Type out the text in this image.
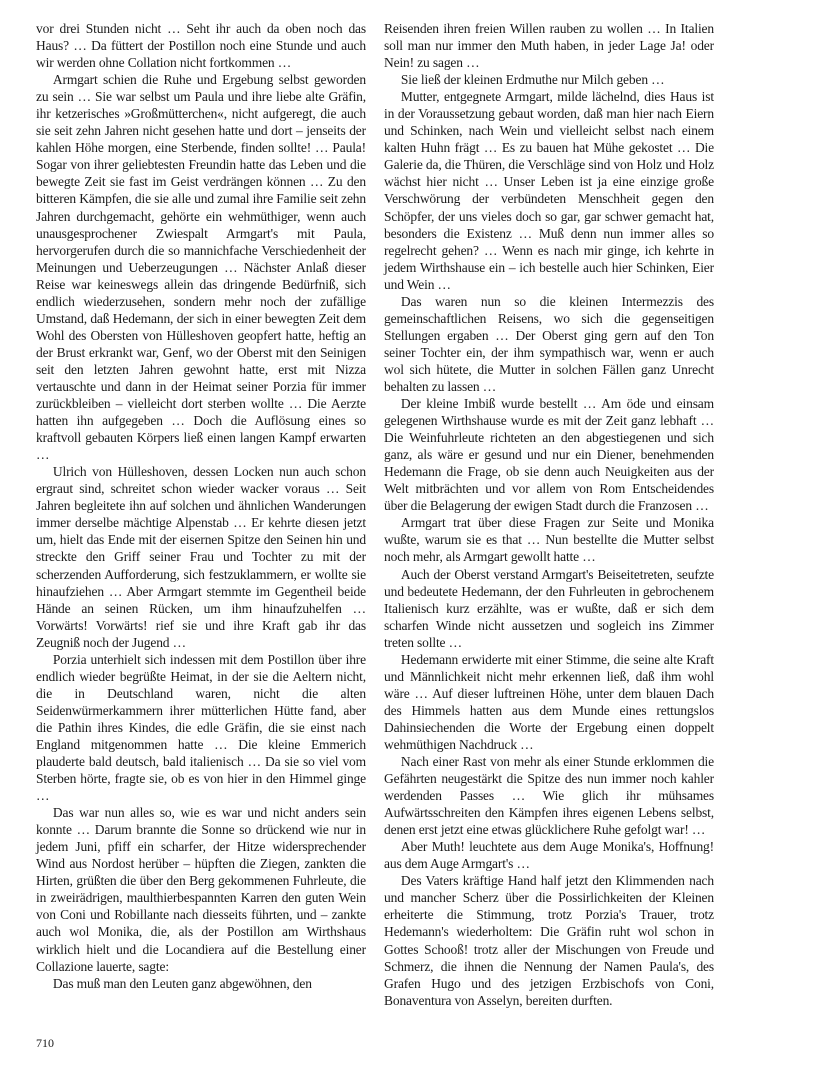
vor drei Stunden nicht … Seht ihr auch da oben noch das Haus? … Da füttert der Postillon noch eine Stunde und auch wir werden ohne Collation nicht fortkommen …

Armgart schien die Ruhe und Ergebung selbst geworden zu sein … Sie war selbst um Paula und ihre liebe alte Gräfin, ihr ketzerisches »Großmütterchen«, nicht aufgeregt, die auch sie seit zehn Jahren nicht gesehen hatte und dort – jenseits der kahlen Höhe morgen, eine Sterbende, finden sollte! … Paula! Sogar von ihrer geliebtesten Freundin hatte das Leben und die bewegte Zeit sie fast im Geist verdrängen können … Zu den bitteren Kämpfen, die sie alle und zumal ihre Familie seit zehn Jahren durchgemacht, gehörte ein wehmüthiger, wenn auch unausgesprochener Zwiespalt Armgart's mit Paula, hervorgerufen durch die so mannichfache Verschiedenheit der Meinungen und Ueberzeugungen … Nächster Anlaß dieser Reise war keineswegs allein das dringende Bedürfniß, sich endlich wiederzusehen, sondern mehr noch der zufällige Umstand, daß Hedemann, der sich in einer bewegten Zeit dem Wohl des Obersten von Hülleshoven geopfert hatte, heftig an der Brust erkrankt war, Genf, wo der Oberst mit den Seinigen seit den letzten Jahren gewohnt hatte, erst mit Nizza vertauschte und dann in der Heimat seiner Porzia für immer zurückbleiben – vielleicht dort sterben wollte … Die Aerzte hatten ihn aufgegeben … Doch die Auflösung eines so kraftvoll gebauten Körpers ließ einen langen Kampf erwarten …

Ulrich von Hülleshoven, dessen Locken nun auch schon ergraut sind, schreitet schon wieder wacker voraus … Seit Jahren begleitete ihn auf solchen und ähnlichen Wanderungen immer derselbe mächtige Alpenstab … Er kehrte diesen jetzt um, hielt das Ende mit der eisernen Spitze den Seinen hin und streckte den Griff seiner Frau und Tochter zu mit der scherzenden Aufforderung, sich festzuklammern, er wollte sie hinaufziehen … Aber Armgart stemmte im Gegentheil beide Hände an seinen Rücken, um ihm hinaufzuhelfen … Vorwärts! Vorwärts! rief sie und ihre Kraft gab ihr das Zeugniß noch der Jugend …

Porzia unterhielt sich indessen mit dem Postillon über ihre endlich wieder begrüßte Heimat, in der sie die Aeltern nicht, die in Deutschland waren, nicht die alten Seidenwürmerkammern ihrer mütterlichen Hütte fand, aber die Pathin ihres Kindes, die edle Gräfin, die sie einst nach England mitgenommen hatte … Die kleine Emmerich plauderte bald deutsch, bald italienisch … Da sie so viel vom Sterben hörte, fragte sie, ob es von hier in den Himmel ginge …

Das war nun alles so, wie es war und nicht anders sein konnte … Darum brannte die Sonne so drückend wie nur in jedem Juni, pfiff ein scharfer, der Hitze widersprechender Wind aus Nordost herüber – hüpften die Ziegen, zankten die Hirten, grüßten die über den Berg gekommenen Fuhrleute, die in zweirädrigen, maulthierbespannten Karren den guten Wein von Coni und Robillante nach diesseits führten, und – zankte auch wol Monika, die, als der Postillon am Wirthshaus wirklich hielt und die Locandiera auf die Bestellung einer Collazione lauerte, sagte:

Das muß man den Leuten ganz abgewöhnen, den

Reisenden ihren freien Willen rauben zu wollen … In Italien soll man nur immer den Muth haben, in jeder Lage Ja! oder Nein! zu sagen …

Sie ließ der kleinen Erdmuthe nur Milch geben …

Mutter, entgegnete Armgart, milde lächelnd, dies Haus ist in der Voraussetzung gebaut worden, daß man hier nach Eiern und Schinken, nach Wein und vielleicht selbst nach einem kalten Huhn frägt … Es zu bauen hat Mühe gekostet … Die Galerie da, die Thüren, die Verschläge sind von Holz und Holz wächst hier nicht … Unser Leben ist ja eine einzige große Verschwörung der verbündeten Menschheit gegen den Schöpfer, der uns vieles doch so gar, gar schwer gemacht hat, besonders die Existenz … Muß denn nun immer alles so regelrecht gehen? … Wenn es nach mir ginge, ich kehrte in jedem Wirthshause ein – ich bestelle auch hier Schinken, Eier und Wein …

Das waren nun so die kleinen Intermezzis des gemeinschaftlichen Reisens, wo sich die gegenseitigen Stellungen ergaben … Der Oberst ging gern auf den Ton seiner Tochter ein, der ihm sympathisch war, wenn er auch wol sich hütete, die Mutter in solchen Fällen ganz Unrecht behalten zu lassen …

Der kleine Imbiß wurde bestellt … Am öde und einsam gelegenen Wirthshause wurde es mit der Zeit ganz lebhaft … Die Weinfuhrleute richteten an den abgestiegenen und sich ganz, als wäre er gesund und nur ein Diener, benehmenden Hedemann die Frage, ob sie denn auch Neuigkeiten aus der Welt mitbrächten und vor allem von Rom Entscheidendes über die Belagerung der ewigen Stadt durch die Franzosen …

Armgart trat über diese Fragen zur Seite und Monika wußte, warum sie es that … Nun bestellte die Mutter selbst noch mehr, als Armgart gewollt hatte …

Auch der Oberst verstand Armgart's Beiseitetreten, seufzte und bedeutete Hedemann, der den Fuhrleuten in gebrochenem Italienisch kurz erzählte, was er wußte, daß er sich dem scharfen Winde nicht aussetzen und sogleich ins Zimmer treten sollte …

Hedemann erwiderte mit einer Stimme, die seine alte Kraft und Männlichkeit nicht mehr erkennen ließ, daß ihm wohl wäre … Auf dieser luftreinen Höhe, unter dem blauen Dach des Himmels hatten aus dem Munde eines rettungslos Dahinsiechenden die Worte der Ergebung einen doppelt wehmüthigen Nachdruck …

Nach einer Rast von mehr als einer Stunde erklommen die Gefährten neugestärkt die Spitze des nun immer noch kahler werdenden Passes … Wie glich ihr mühsames Aufwärtsschreiten den Kämpfen ihres eigenen Lebens selbst, denen erst jetzt eine etwas glücklichere Ruhe gefolgt war! …

Aber Muth! leuchtete aus dem Auge Monika's, Hoffnung! aus dem Auge Armgart's …

Des Vaters kräftige Hand half jetzt den Klimmenden nach und mancher Scherz über die Possirlichkeiten der Kleinen erheiterte die Stimmung, trotz Porzia's Trauer, trotz Hedemann's wiederholtem: Die Gräfin ruht wol schon in Gottes Schooß! trotz aller der Mischungen von Freude und Schmerz, die ihnen die Nennung der Namen Paula's, des Grafen Hugo und des jetzigen Erzbischofs von Coni, Bonaventura von Asselyn, bereiten durften.

710
